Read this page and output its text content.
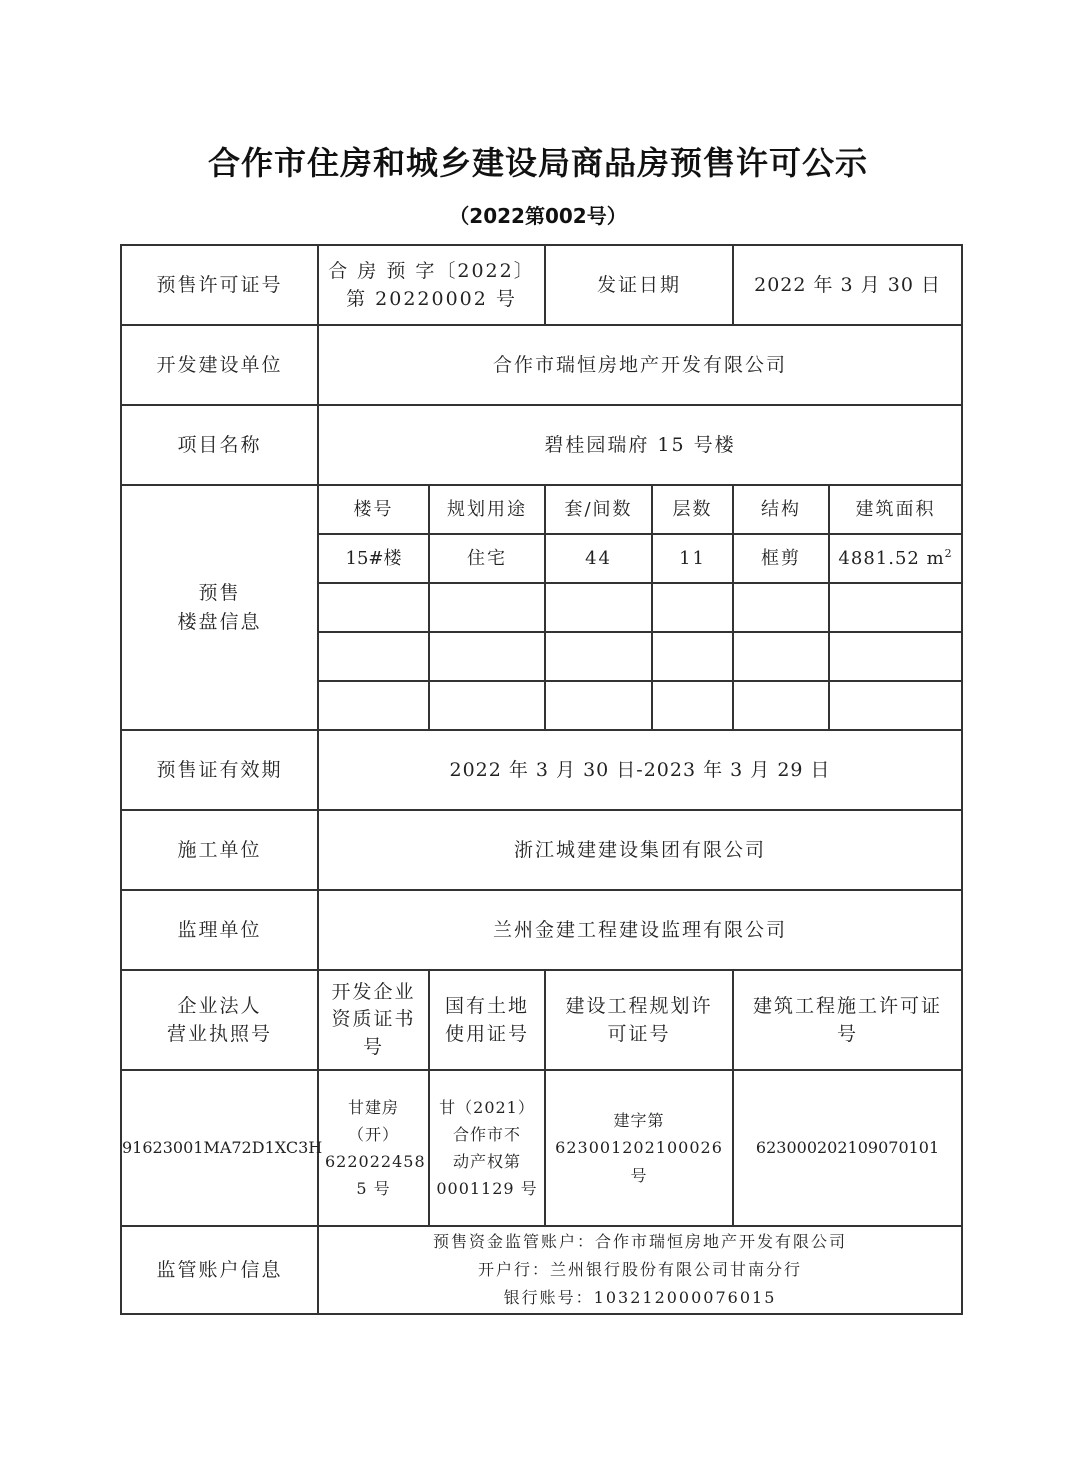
合作市住房和城乡建设局商品房预售许可公示
（2022第002号）
预售许可证号	合 房 预 字〔2022〕
第 20220002 号		发证日期		2022 年 3 月 30 日	
开发建设单位	合作市瑞恒房地产开发有限公司					
项目名称	碧桂园瑞府 15 号楼					

预售
楼盘信息	楼号	规划用途	套/间数	层数	结构	建筑面积
	15#楼	住宅	44	11	框剪	4881.52 $m^2$

预售证有效期	2022 年 3 月 30 日-2023 年 3 月 29 日					
施工单位	浙江城建建设集团有限公司					
监理单位	兰州金建工程建设监理有限公司					

企业法人
营业执照号	开发企业
资质证书
号	国有土地
使用证号	建设工程规划许
可证号		建筑工程施工许可证
号	

91623001MA72D1XC3H	甘建房
（开）
622022458
5 号	甘（2021）
合作市不
动产权第
0001129 号	建字第
623001202100026 号		623000202109070101	
监管账户信息	预售资金监管账户：合作市瑞恒房地产开发有限公司
开户行：兰州银行股份有限公司甘南分行
银行账号：103212000076015					
